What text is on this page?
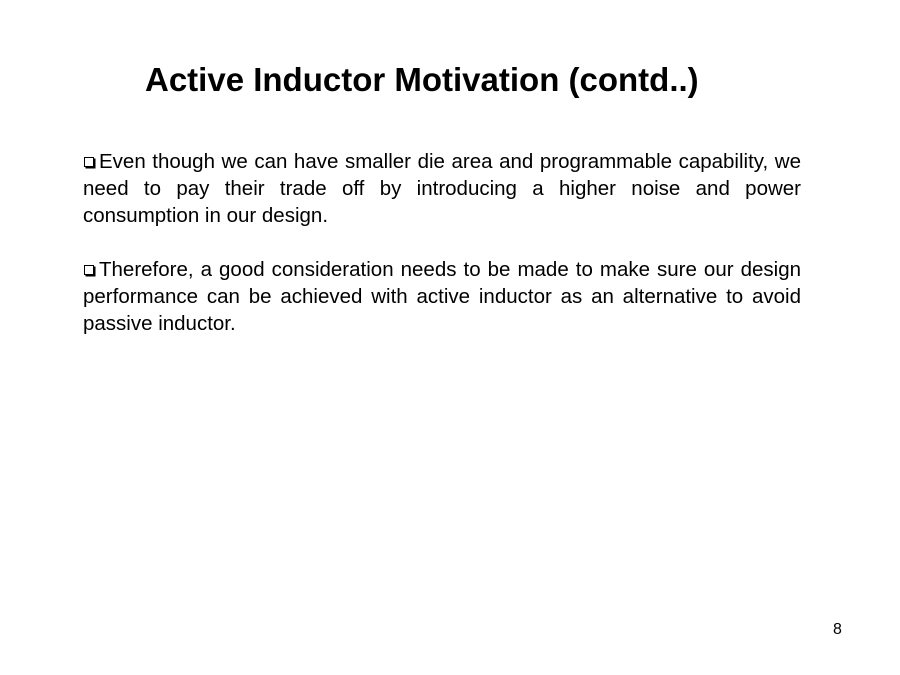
Active Inductor Motivation (contd..)

Even though we can have smaller die area and programmable capability, we need to pay their trade off by introducing a higher noise and power consumption in our design.

Therefore, a good consideration needs to be made to make sure our design performance can be achieved with active inductor as an alternative to avoid passive inductor.

8
